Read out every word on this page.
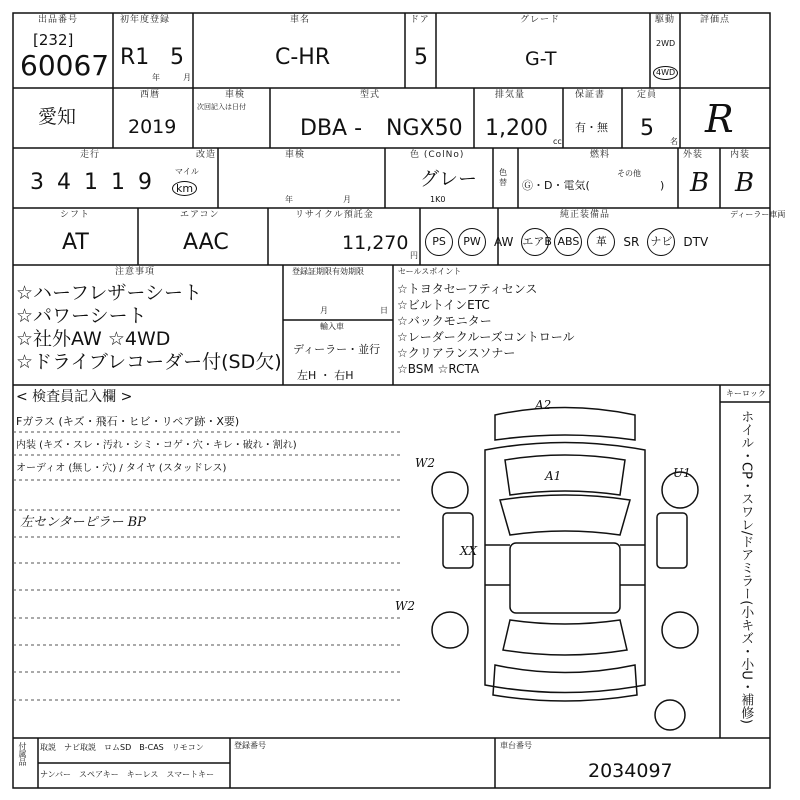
出品番号
[232]
60067
初年度登録
R1 5
年	月
車名
C-HR
ドア
5
グレード
G-T
駆動
2WD
4WD
評価点
R
愛知
西暦
2019
車検
次回記入は日付
型式
DBA - NGX50
排気量
1,200
cc
保証書
有・無
定員
5
名
走行
3 4 1 1 9	マイル
km
改造	車検
年	月
色 (ColNo)
グレー
1K0
色替
燃料
Ⓖ・D・電気(
その他
)
外装
B
内装
B
シフト
AT
エアコン
AAC
リサイクル預託金
11,270
円
純正装備品	ディーラー車両
PS	PW	AW エアB ABS	革	SR ナビ DTV
注意事項
☆ハーフレザーシート
☆パワーシート
☆社外AW ☆4WD
☆ドライブレコーダー付(SD欠)
登録証期限有効期限
月	日
輸入車
ディーラー・並行
左H ・ 右H
セールスポイント
☆トヨタセーフティセンス
☆ビルトインETC
☆バックモニター
☆レーダークルーズコントロール
☆クリアランスソナー
☆BSM ☆RCTA
< 検査員記入欄 >
Fガラス (キズ・飛石・ヒビ・リペア跡・X要)
内装 (キズ・スレ・汚れ・シミ・コゲ・穴・キレ・破れ・割れ)
オーディオ (無し・穴) / タイヤ (スタッドレス)
左センターピラー BP
A2
W2
A1	U1
XX
W2
キーロック
ホイル・CP・スワレ/ドアミラー(小キズ・小U・補修)
付属品 取説 ナビ取説 ロムSD B-CAS リモコン
ナンバー スペアキー キーレス スマートキー
登録番号	車台番号
2034097
